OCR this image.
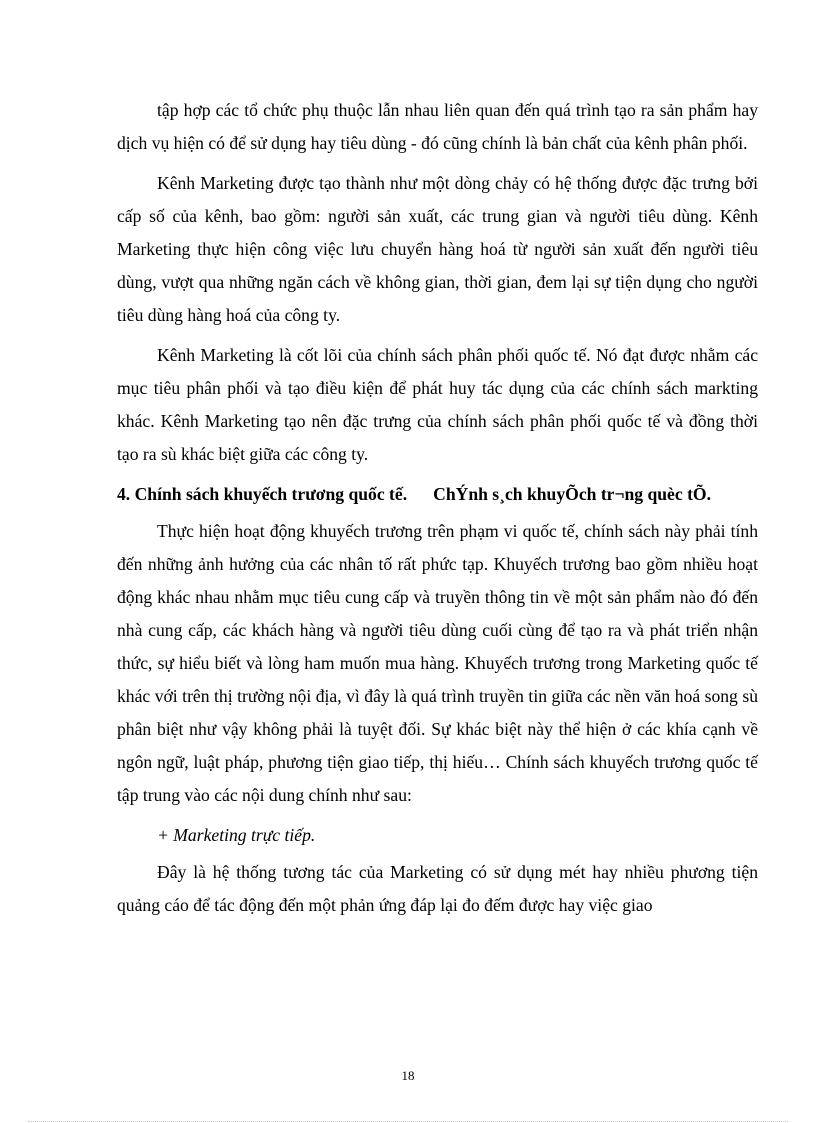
tập hợp các tổ chức phụ thuộc lẫn nhau liên quan đến quá trình tạo ra sản phẩm hay dịch vụ hiện có để sử dụng hay tiêu dùng - đó cũng chính là bản chất của kênh phân phối.

Kênh Marketing được tạo thành như một dòng chảy có hệ thống được đặc trưng bởi cấp số của kênh, bao gồm: người sản xuất, các trung gian và người tiêu dùng. Kênh Marketing thực hiện công việc lưu chuyển hàng hoá từ người sản xuất đến người tiêu dùng, vượt qua những ngăn cách về không gian, thời gian, đem lại sự tiện dụng cho người tiêu dùng hàng hoá của công ty.

Kênh Marketing là cốt lõi của chính sách phân phối quốc tế. Nó đạt được nhằm các mục tiêu phân phối và tạo điều kiện để phát huy tác dụng của các chính sách markting khác. Kênh Marketing tạo nên đặc trưng của chính sách phân phối quốc tế và đồng thời tạo ra sù khác biệt giữa các công ty.

4. Chính sách khuyếch trương quốc tế. ChÝnh s¸ch khuyÕch tr¬ng quèc tÕ.

Thực hiện hoạt động khuyếch trương trên phạm vi quốc tế, chính sách này phải tính đến những ảnh hưởng của các nhân tố rất phức tạp. Khuyếch trương bao gồm nhiều hoạt động khác nhau nhằm mục tiêu cung cấp và truyền thông tin về một sản phẩm nào đó đến nhà cung cấp, các khách hàng và người tiêu dùng cuối cùng để tạo ra và phát triển nhận thức, sự hiểu biết và lòng ham muốn mua hàng. Khuyếch trương trong Marketing quốc tế khác với trên thị trường nội địa, vì đây là quá trình truyền tin giữa các nền văn hoá song sù phân biệt như vậy không phải là tuyệt đối. Sự khác biệt này thể hiện ở các khía cạnh về ngôn ngữ, luật pháp, phương tiện giao tiếp, thị hiếu… Chính sách khuyếch trương quốc tế tập trung vào các nội dung chính như sau:

+ Marketing trực tiếp.

Đây là hệ thống tương tác của Marketing có sử dụng mét hay nhiều phương tiện quảng cáo để tác động đến một phản ứng đáp lại đo đếm được hay việc giao

18
